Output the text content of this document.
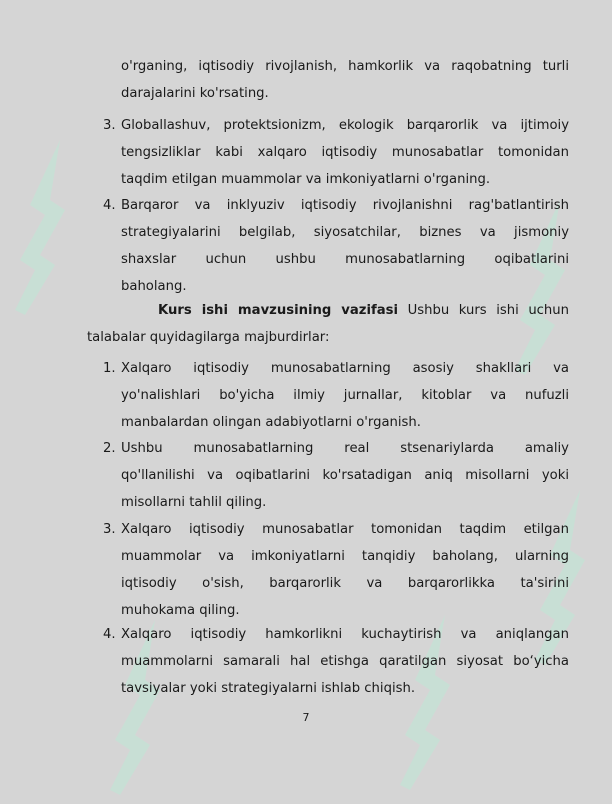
o'rganing, iqtisodiy rivojlanish, hamkorlik va raqobatning turli
darajalarini ko'rsating.
3. Globallashuv, protektsionizm, ekologik barqarorlik va ijtimoiy
tengsizliklar kabi xalqaro iqtisodiy munosabatlar tomonidan
taqdim etilgan muammolar va imkoniyatlarni o'rganing.
4. Barqaror va inklyuziv iqtisodiy rivojlanishni rag'batlantirish
strategiyalarini belgilab, siyosatchilar, biznes va jismoniy
shaxslar uchun ushbu munosabatlarning oqibatlarini
baholang.
Kurs ishi mavzusining vazifasi Ushbu kurs ishi uchun
talabalar quyidagilarga majburdirlar:
1. Xalqaro iqtisodiy munosabatlarning asosiy shakllari va
yo'nalishlari bo'yicha ilmiy jurnallar, kitoblar va nufuzli
manbalardan olingan adabiyotlarni o'rganish.
2. Ushbu munosabatlarning real stsenariylarda amaliy
qo'llanilishi va oqibatlarini ko'rsatadigan aniq misollarni yoki
misollarni tahlil qiling.
3. Xalqaro iqtisodiy munosabatlar tomonidan taqdim etilgan
muammolar va imkoniyatlarni tanqidiy baholang, ularning
iqtisodiy o'sish, barqarorlik va barqarorlikka ta'sirini
muhokama qiling.
4. Xalqaro iqtisodiy hamkorlikni kuchaytirish va aniqlangan
muammolarni samarali hal etishga qaratilgan siyosat bo‘yicha
tavsiyalar yoki strategiyalarni ishlab chiqish.
7
